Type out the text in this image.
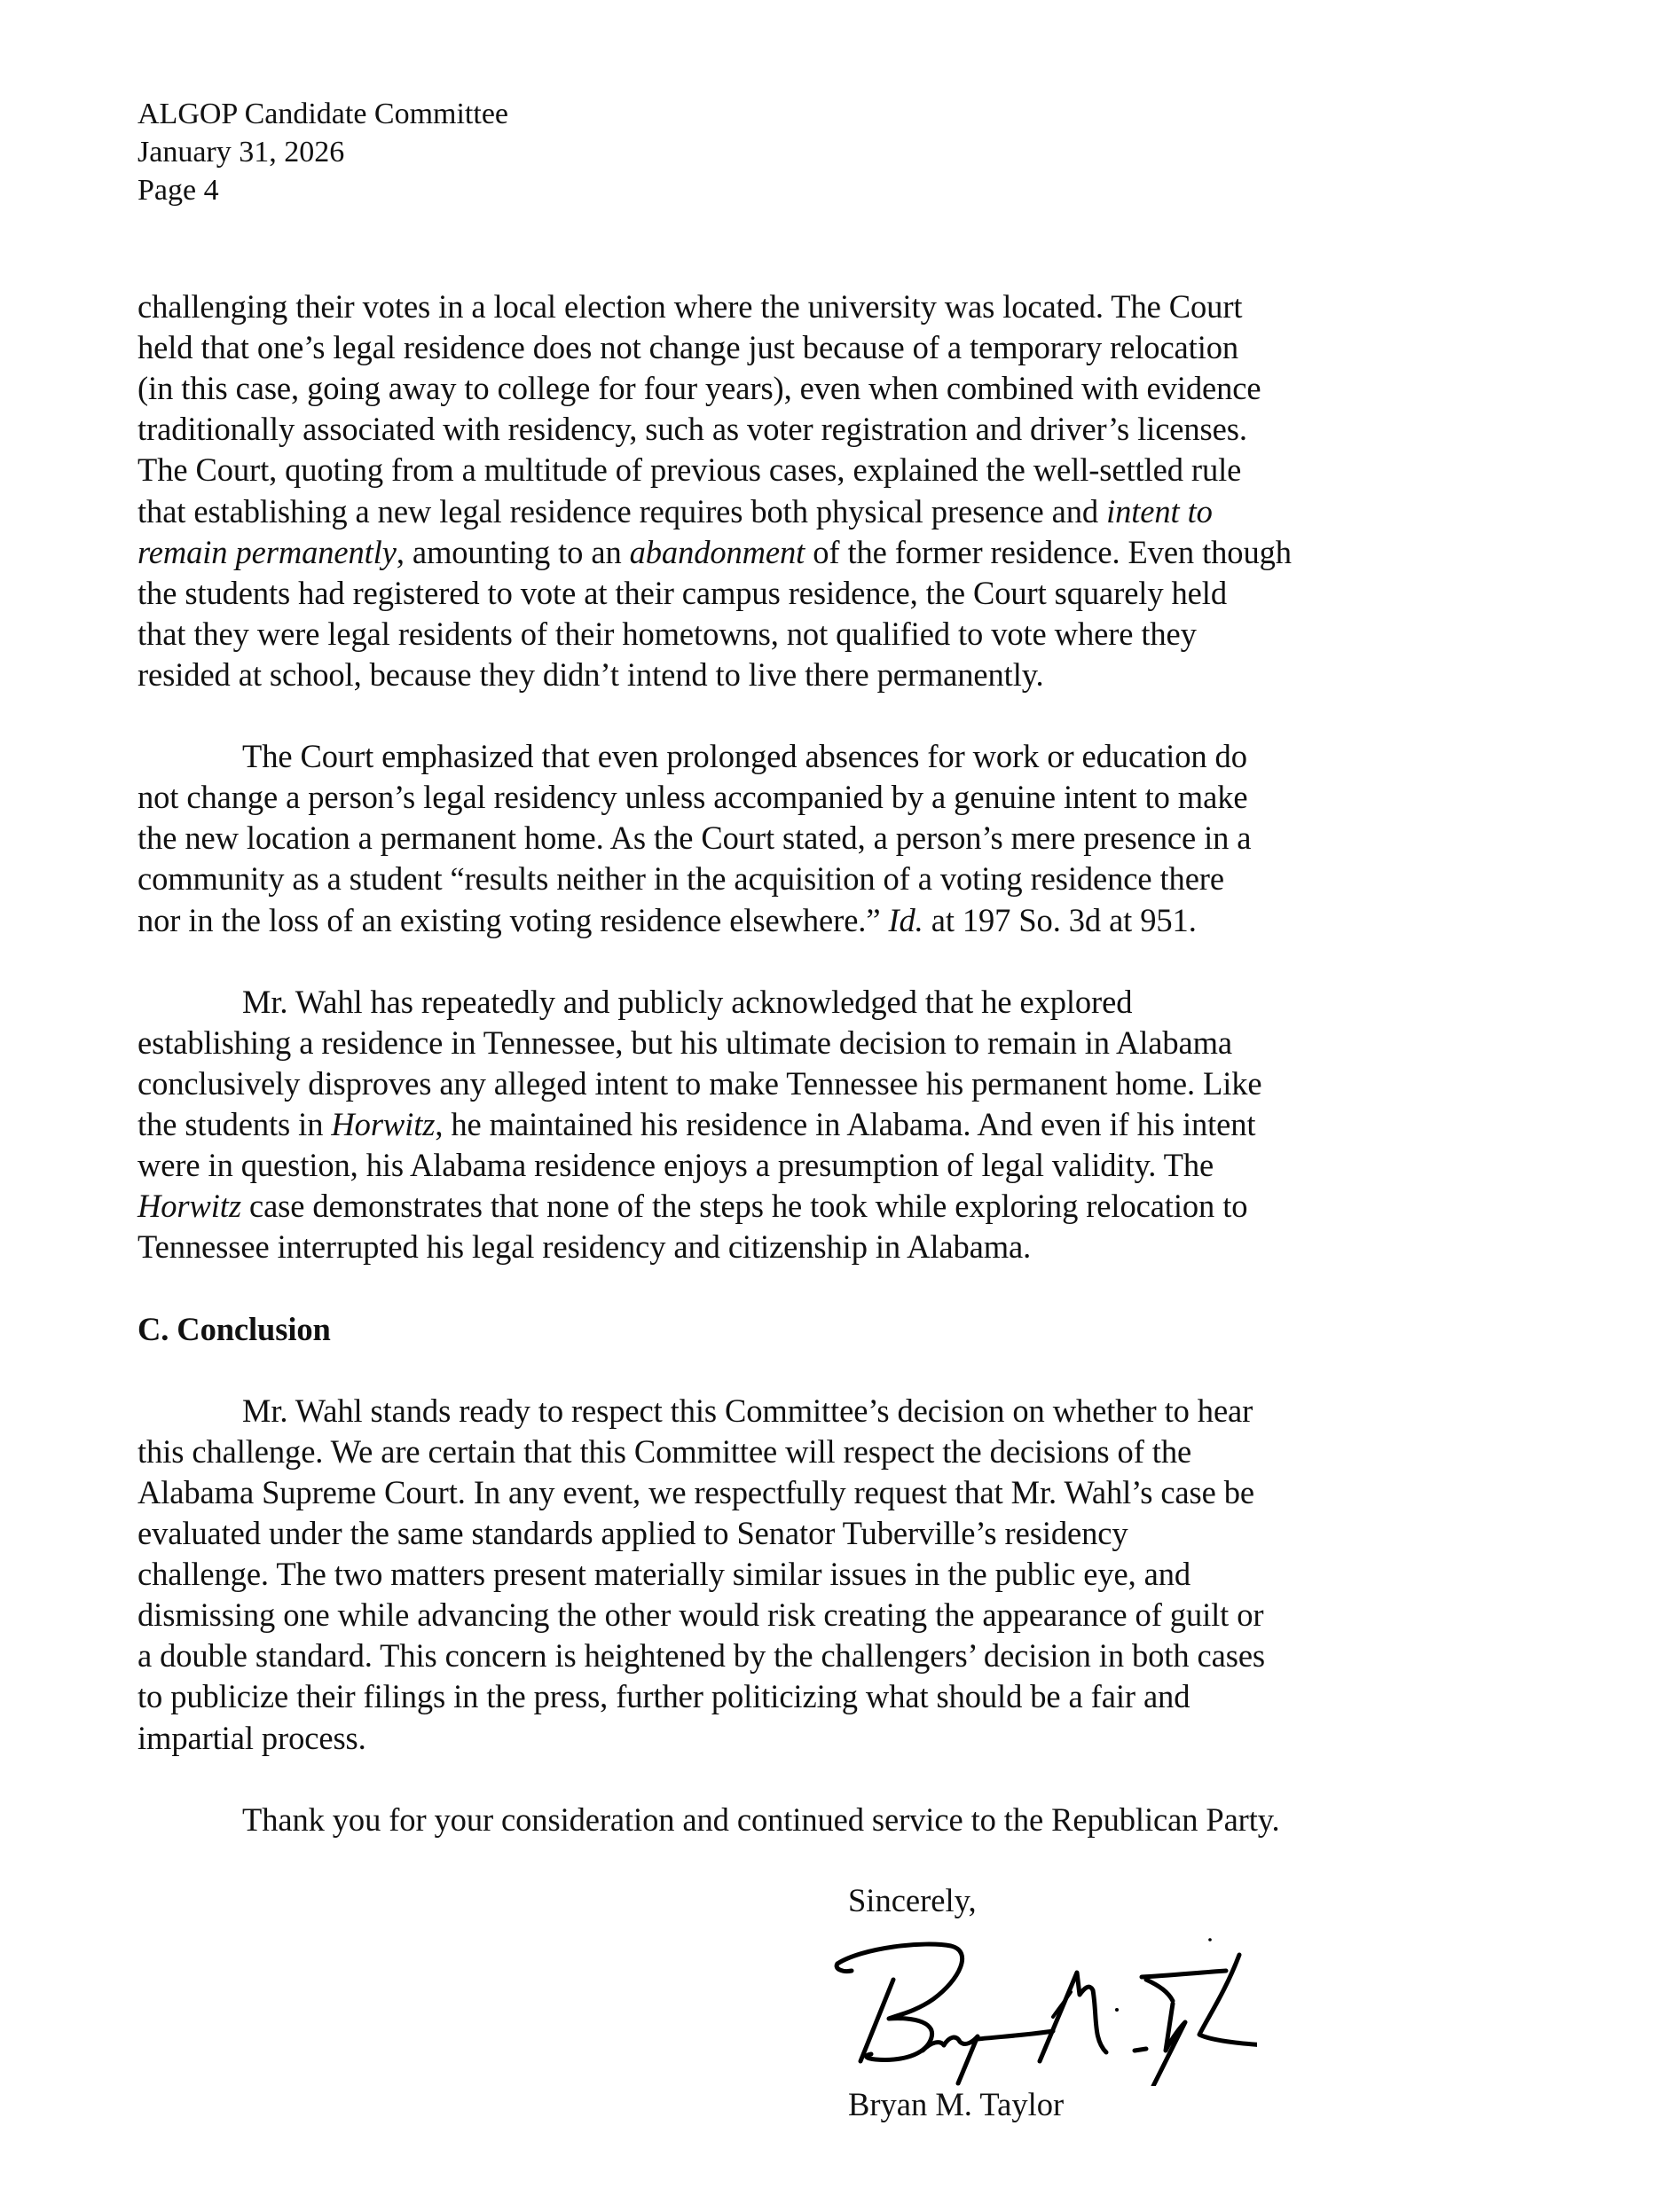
ALGOP Candidate Committee
January 31, 2026
Page 4
challenging their votes in a local election where the university was located. The Court
held that one’s legal residence does not change just because of a temporary relocation
(in this case, going away to college for four years), even when combined with evidence
traditionally associated with residency, such as voter registration and driver’s licenses.
The Court, quoting from a multitude of previous cases, explained the well-settled rule
that establishing a new legal residence requires both physical presence and intent to
remain permanently, amounting to an abandonment of the former residence. Even though
the students had registered to vote at their campus residence, the Court squarely held
that they were legal residents of their hometowns, not qualified to vote where they
resided at school, because they didn’t intend to live there permanently.
The Court emphasized that even prolonged absences for work or education do
not change a person’s legal residency unless accompanied by a genuine intent to make
the new location a permanent home. As the Court stated, a person’s mere presence in a
community as a student “results neither in the acquisition of a voting residence there
nor in the loss of an existing voting residence elsewhere.” Id. at 197 So. 3d at 951.
Mr. Wahl has repeatedly and publicly acknowledged that he explored
establishing a residence in Tennessee, but his ultimate decision to remain in Alabama
conclusively disproves any alleged intent to make Tennessee his permanent home. Like
the students in Horwitz, he maintained his residence in Alabama. And even if his intent
were in question, his Alabama residence enjoys a presumption of legal validity. The
Horwitz case demonstrates that none of the steps he took while exploring relocation to
Tennessee interrupted his legal residency and citizenship in Alabama.
C. Conclusion
Mr. Wahl stands ready to respect this Committee’s decision on whether to hear
this challenge. We are certain that this Committee will respect the decisions of the
Alabama Supreme Court. In any event, we respectfully request that Mr. Wahl’s case be
evaluated under the same standards applied to Senator Tuberville’s residency
challenge. The two matters present materially similar issues in the public eye, and
dismissing one while advancing the other would risk creating the appearance of guilt or
a double standard. This concern is heightened by the challengers’ decision in both cases
to publicize their filings in the press, further politicizing what should be a fair and
impartial process.
Thank you for your consideration and continued service to the Republican Party.
Sincerely,
Bryan M. Taylor
